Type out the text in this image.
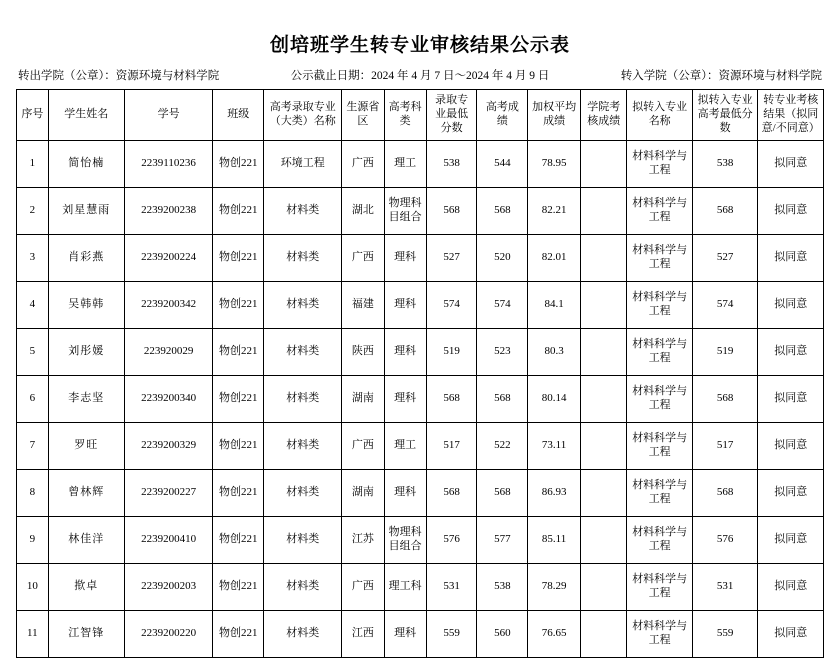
创培班学生转专业审核结果公示表
转出学院（公章）：资源环境与材料学院	公示截止日期：2024 年 4 月 7 日～2024 年 4 月 9 日	转入学院（公章）：资源环境与材料学院
序号	学生姓名	学号	班级	高考录取专业（大类）名称	生源省区	高考科类	录取专业最低分数	高考成绩	加权平均成绩	学院考核成绩	拟转入专业名称	拟转入专业高考最低分数	转专业考核结果（拟同意/不同意）
1	简怡楠	2239110236	物创221	环境工程	广西	理工	538	544	78.95		材料科学与工程	538	拟同意
2	刘星慧雨	2239200238	物创221	材料类	湖北	物理科目组合	568	568	82.21		材料科学与工程	568	拟同意
3	肖彩燕	2239200224	物创221	材料类	广西	理科	527	520	82.01		材料科学与工程	527	拟同意
4	吴韩韩	2239200342	物创221	材料类	福建	理科	574	574	84.1		材料科学与工程	574	拟同意
5	刘彤媛	223920029	物创221	材料类	陕西	理科	519	523	80.3		材料科学与工程	519	拟同意
6	李志坚	2239200340	物创221	材料类	湖南	理科	568	568	80.14		材料科学与工程	568	拟同意
7	罗旺	2239200329	物创221	材料类	广西	理工	517	522	73.11		材料科学与工程	517	拟同意
8	曾林辉	2239200227	物创221	材料类	湖南	理科	568	568	86.93		材料科学与工程	568	拟同意
9	林佳洋	2239200410	物创221	材料类	江苏	物理科目组合	576	577	85.11		材料科学与工程	576	拟同意
10	揿卓	2239200203	物创221	材料类	广西	理工科	531	538	78.29		材料科学与工程	531	拟同意
11	江智锋	2239200220	物创221	材料类	江西	理科	559	560	76.65		材料科学与工程	559	拟同意
